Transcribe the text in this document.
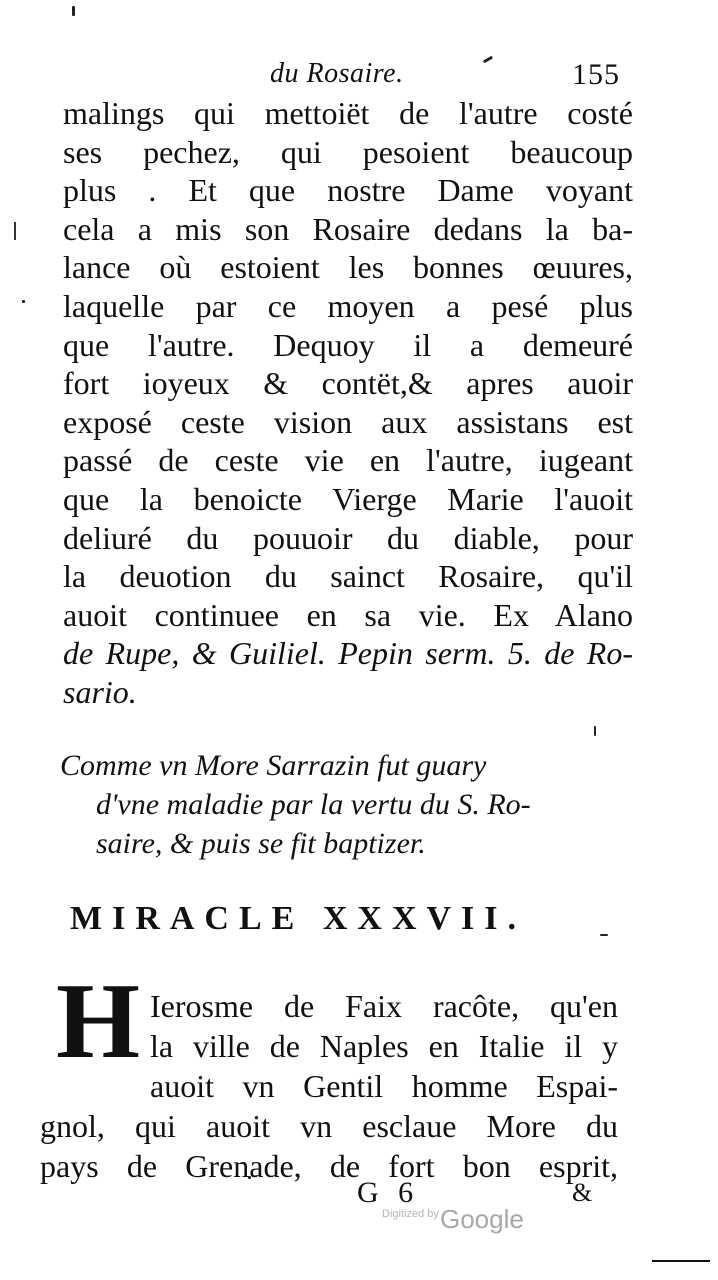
du Rosaire.	155
malings qui mettoiët de l'autre costé
ses pechez, qui pesoient beaucoup
plus . Et que nostre Dame voyant
cela a mis son Rosaire dedans la ba-
lance où estoient les bonnes œuures,
laquelle par ce moyen a pesé plus
que l'autre. Dequoy il a demeuré
fort ioyeux & contët,& apres auoir
exposé ceste vision aux assistans est
passé de ceste vie en l'autre, iugeant
que la benoicte Vierge Marie l'auoit
deliuré du pouuoir du diable, pour
la deuotion du sainct Rosaire, qu'il
auoit continuee en sa vie. Ex Alano
de Rupe, & Guiliel. Pepin serm. 5. de Ro-
sario.
Comme vn More Sarrazin fut guary
d'vne maladie par la vertu du S. Ro-
saire, & puis se fit baptizer.
MIRACLE XXXVII.
H Ierosme de Faix racôte, qu'en
la ville de Naples en Italie il y
auoit vn Gentil homme Espai-
gnol, qui auoit vn esclaue More du
pays de Grenade, de fort bon esprit,
G 6	&
Digitized by Google
